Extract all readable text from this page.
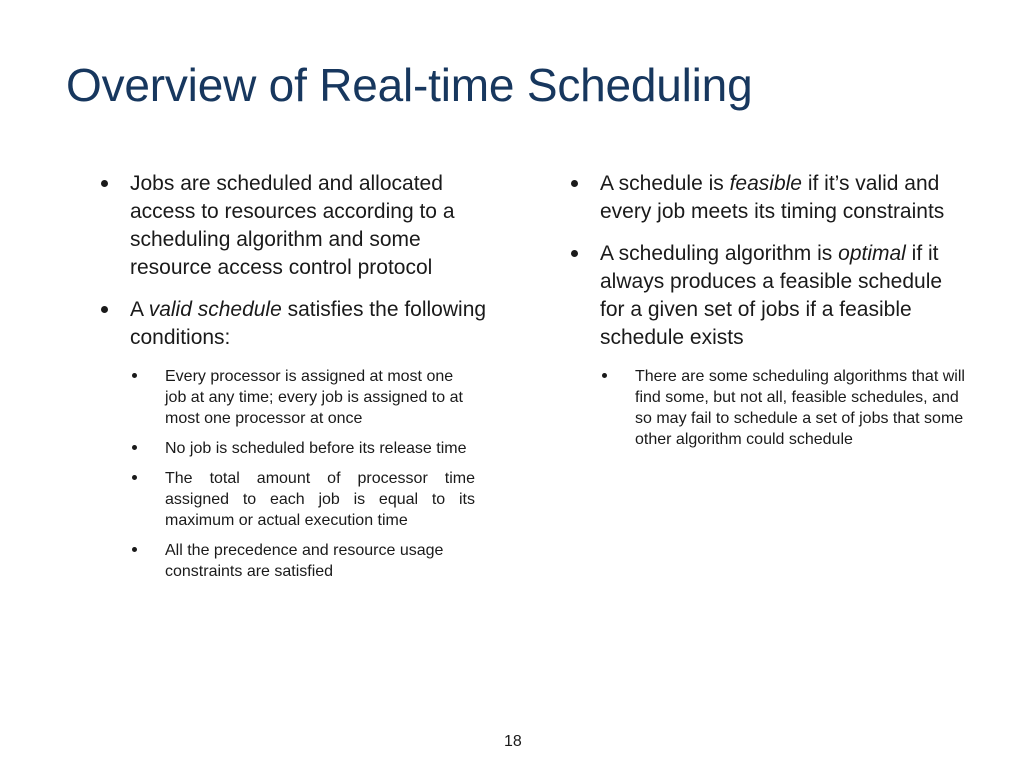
Overview of Real-time Scheduling
Jobs are scheduled and allocated access to resources according to a scheduling algorithm and some resource access control protocol
A valid schedule satisfies the following conditions:
Every processor is assigned at most one job at any time; every job is assigned to at most one processor at once
No job is scheduled before its release time
The total amount of processor time assigned to each job is equal to its maximum or actual execution time
All the precedence and resource usage constraints are satisfied
A schedule is feasible if it’s valid and every job meets its timing constraints
A scheduling algorithm is optimal if it always produces a feasible schedule for a given set of jobs if a feasible schedule exists
There are some scheduling algorithms that will find some, but not all, feasible schedules, and so may fail to schedule a set of jobs that some other algorithm could schedule
18
